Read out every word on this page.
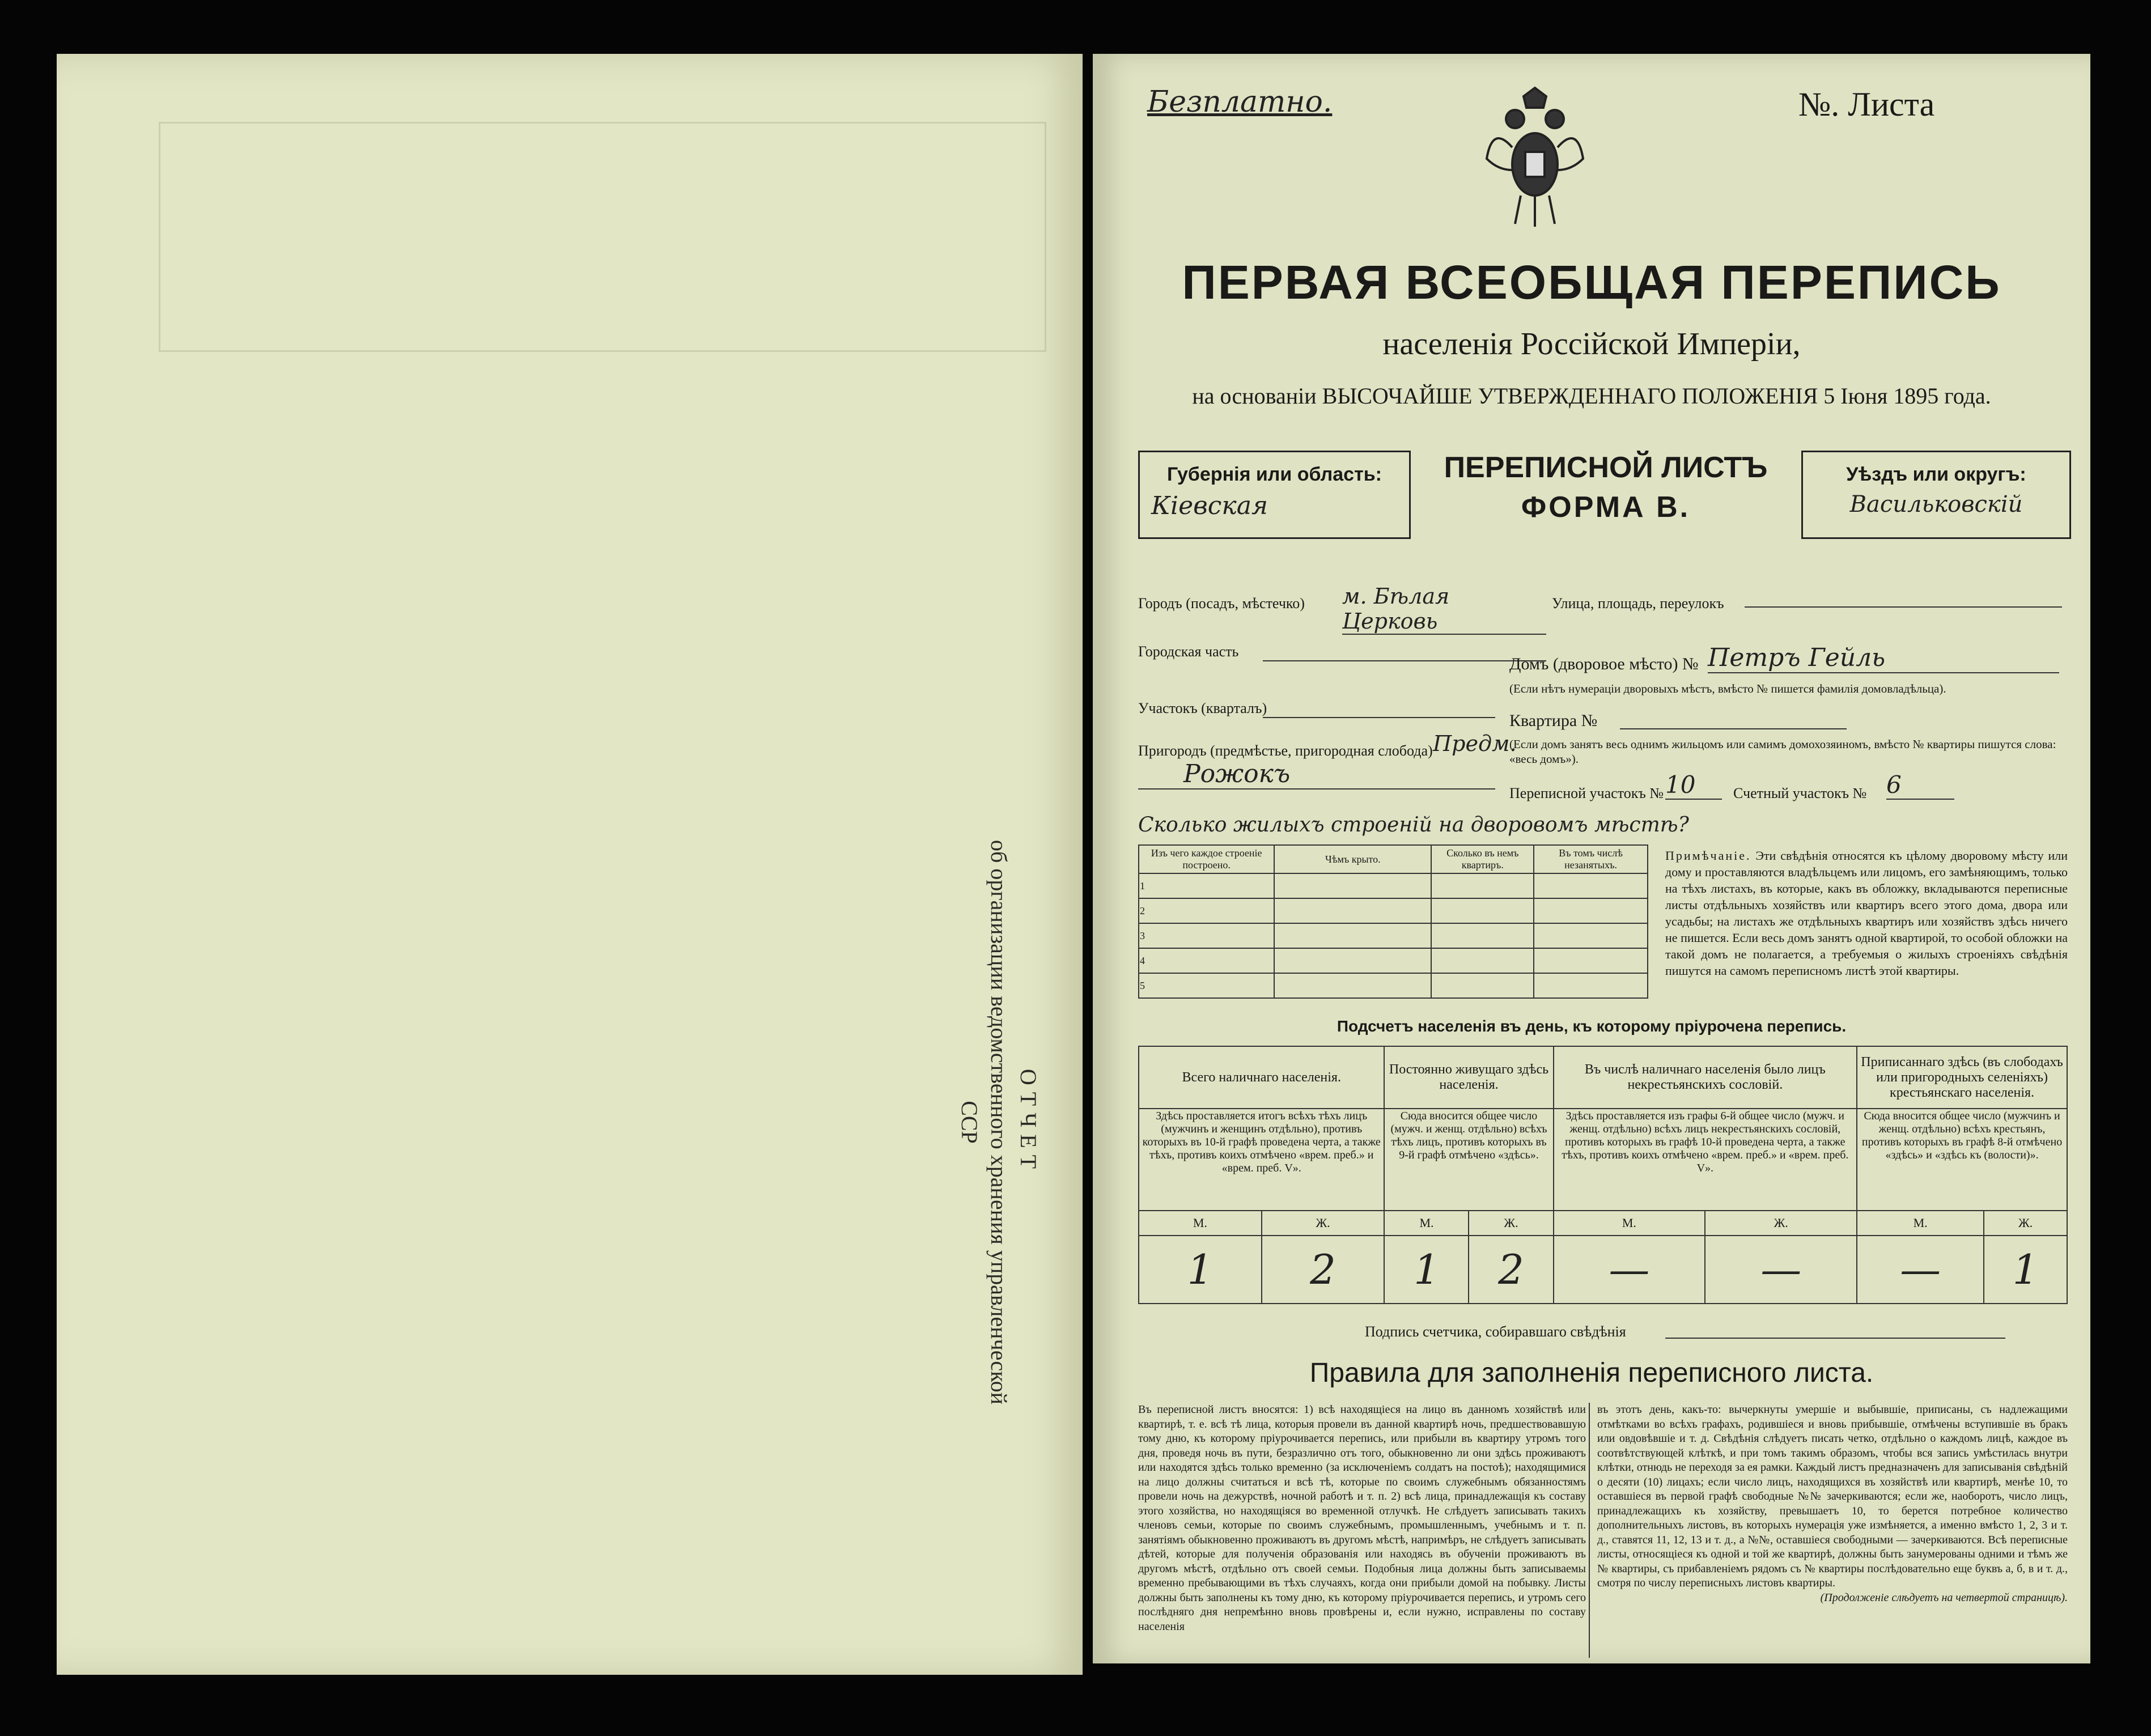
ОТЧЕТ
об организации ведомственного хранения управленческой
ССР
Безплатно.	№. Листа
ПЕРВАЯ ВСЕОБЩАЯ ПЕРЕПИСЬ
населенія Россійской Имперіи,
на основаніи ВЫСОЧАЙШЕ УТВЕРЖДЕННАГО ПОЛОЖЕНІЯ 5 Іюня 1895 года.
Губернія или область:
Кіевская
ПЕРЕПИСНОЙ ЛИСТЪ
ФОРМА В.
Уѣздъ или округъ:
Васильковскій
Городъ (посадъ, мѣстечко) м. Бѣлая Церковь
Улица, площадь, переулокъ
Городская часть
Домъ (дворовое мѣсто) № Петръ Гейль
(Если нѣтъ нумераціи дворовыхъ мѣстъ, вмѣсто № пишется фамилія домовладѣльца).
Участокъ (кварталъ)
Квартира №
(Если домъ занятъ весь однимъ жильцомъ или самимъ домохозяиномъ, вмѣсто № квартиры пишутся слова: «весь домъ»).
Пригородъ (предмѣстье, пригородная слобода) Предм.
Рожокъ
Переписной участокъ № 10	Счетный участокъ № 6
Сколько жилыхъ строеній на дворовомъ мѣстѣ?
Изъ чего каждое строеніе построено.	Чѣмъ крыто.	Сколько въ немъ квартиръ.	Въ томъ числѣ незанятыхъ.
1			
2			
3			
4			
5			
Примѣчаніе. Эти свѣдѣнія относятся къ цѣлому дворовому мѣсту или дому и проставляются владѣльцемъ или лицомъ, его замѣняющимъ, только на тѣхъ листахъ, въ которые, какъ въ обложку, вкладываются переписные листы отдѣльныхъ хозяйствъ или квартиръ всего этого дома, двора или усадьбы; на листахъ же отдѣльныхъ квартиръ или хозяйствъ здѣсь ничего не пишется. Если весь домъ занятъ одной квартирой, то особой обложки на такой домъ не полагается, а требуемыя о жилыхъ строеніяхъ свѣдѣнія пишутся на самомъ переписномъ листѣ этой квартиры.
Подсчетъ населенія въ день, къ которому пріурочена перепись.
Всего наличнаго населенія.		Постоянно живущаго здѣсь населенія.		Въ числѣ наличнаго населенія было лицъ некрестьянскихъ сословій.		Приписаннаго здѣсь (въ слободахъ или пригородныхъ селеніяхъ) крестьянскаго населенія.	
Здѣсь проставляется итогъ всѣхъ тѣхъ лицъ (мужчинъ и женщинъ отдѣльно), противъ которыхъ въ 10-й графѣ проведена черта, а также тѣхъ, противъ коихъ отмѣчено «врем. преб.» и «врем. преб. V».		Сюда вносится общее число (мужч. и женщ. отдѣльно) всѣхъ тѣхъ лицъ, противъ которыхъ въ 9-й графѣ отмѣчено «здѣсь».		Здѣсь проставляется изъ графы 6-й общее число (мужч. и женщ. отдѣльно) всѣхъ лицъ некрестьянскихъ сословій, противъ которыхъ въ графѣ 10-й проведена черта, а также тѣхъ, противъ коихъ отмѣчено «врем. преб.» и «врем. преб. V».		Сюда вносится общее число (мужчинъ и женщ. отдѣльно) всѣхъ крестьянъ, противъ которыхъ въ графѣ 8-й отмѣчено «здѣсь» и «здѣсь къ (волости)».	
М.	Ж.	М.	Ж.	М.	Ж.	М.	Ж.
1	2	1	2	—	—	—	1
Подпись счетчика, собиравшаго свѣдѣнія
Правила для заполненія переписного листа.
Въ переписной листъ вносятся: 1) всѣ находящіеся на лицо въ данномъ хозяйствѣ или квартирѣ, т. е. всѣ тѣ лица, которыя провели въ данной квартирѣ ночь, предшествовавшую тому дню, къ которому пріурочивается перепись, или прибыли въ квартиру утромъ того дня, проведя ночь въ пути, безразлично отъ того, обыкновенно ли они здѣсь проживаютъ или находятся здѣсь только временно (за исключеніемъ солдатъ на постоѣ); находящимися на лицо должны считаться и всѣ тѣ, которые по своимъ служебнымъ обязанностямъ провели ночь на дежурствѣ, ночной работѣ и т. п. 2) всѣ лица, принадлежащія къ составу этого хозяйства, но находящіяся во временной отлучкѣ. Не слѣдуетъ записывать такихъ членовъ семьи, которые по своимъ служебнымъ, промышленнымъ, учебнымъ и т. п. занятіямъ обыкновенно проживаютъ въ другомъ мѣстѣ, напримѣръ, не слѣдуетъ записывать дѣтей, которые для полученія образованія или находясь въ обученіи проживаютъ въ другомъ мѣстѣ, отдѣльно отъ своей семьи. Подобныя лица должны быть записываемы временно пребывающими въ тѣхъ случаяхъ, когда они прибыли домой на побывку. Листы должны быть заполнены къ тому дню, къ которому пріурочивается перепись, и утромъ сего послѣдняго дня непремѣнно вновь провѣрены и, если нужно, исправлены по составу населенія
въ этотъ день, какъ-то: вычеркнуты умершіе и выбывшіе, приписаны, съ надлежащими отмѣтками во всѣхъ графахъ, родившіеся и вновь прибывшіе, отмѣчены вступившіе въ бракъ или овдовѣвшіе и т. д. Свѣдѣнія слѣдуетъ писать четко, отдѣльно о каждомъ лицѣ, каждое въ соотвѣтствующей клѣткѣ, и при томъ такимъ образомъ, чтобы вся запись умѣстилась внутри клѣтки, отнюдь не переходя за ея рамки. Каждый листъ предназначенъ для записыванія свѣдѣній о десяти (10) лицахъ; если число лицъ, находящихся въ хозяйствѣ или квартирѣ, менѣе 10, то оставшіеся въ первой графѣ свободные №№ зачеркиваются; если же, наоборотъ, число лицъ, принадлежащихъ къ хозяйству, превышаетъ 10, то берется потребное количество дополнительныхъ листовъ, въ которыхъ нумерація уже измѣняется, а именно вмѣсто 1, 2, 3 и т. д., ставятся 11, 12, 13 и т. д., а №№, оставшіеся свободными — зачеркиваются. Всѣ переписные листы, относящіеся къ одной и той же квартирѣ, должны быть занумерованы одними и тѣмъ же № квартиры, съ прибавленіемъ рядомъ съ № квартиры послѣдовательно еще буквъ а, б, в и т. д., смотря по числу переписныхъ листовъ квартиры.
(Продолженіе слѣдуетъ на четвертой страницѣ).
